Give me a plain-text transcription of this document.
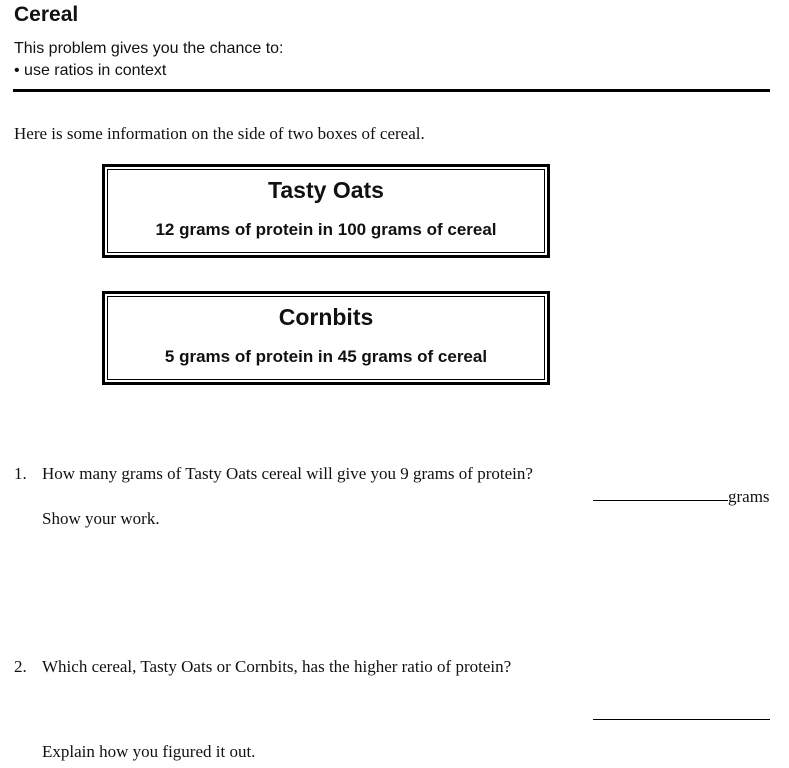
Cereal
This problem gives you the chance to:
• use ratios in context
Here is some information on the side of two boxes of cereal.
Tasty Oats
12 grams of protein in 100 grams of cereal
Cornbits
5 grams of protein in 45 grams of cereal
1. How many grams of Tasty Oats cereal will give you 9 grams of protein?
grams
Show your work.
2. Which cereal, Tasty Oats or Cornbits, has the higher ratio of protein?
Explain how you figured it out.
